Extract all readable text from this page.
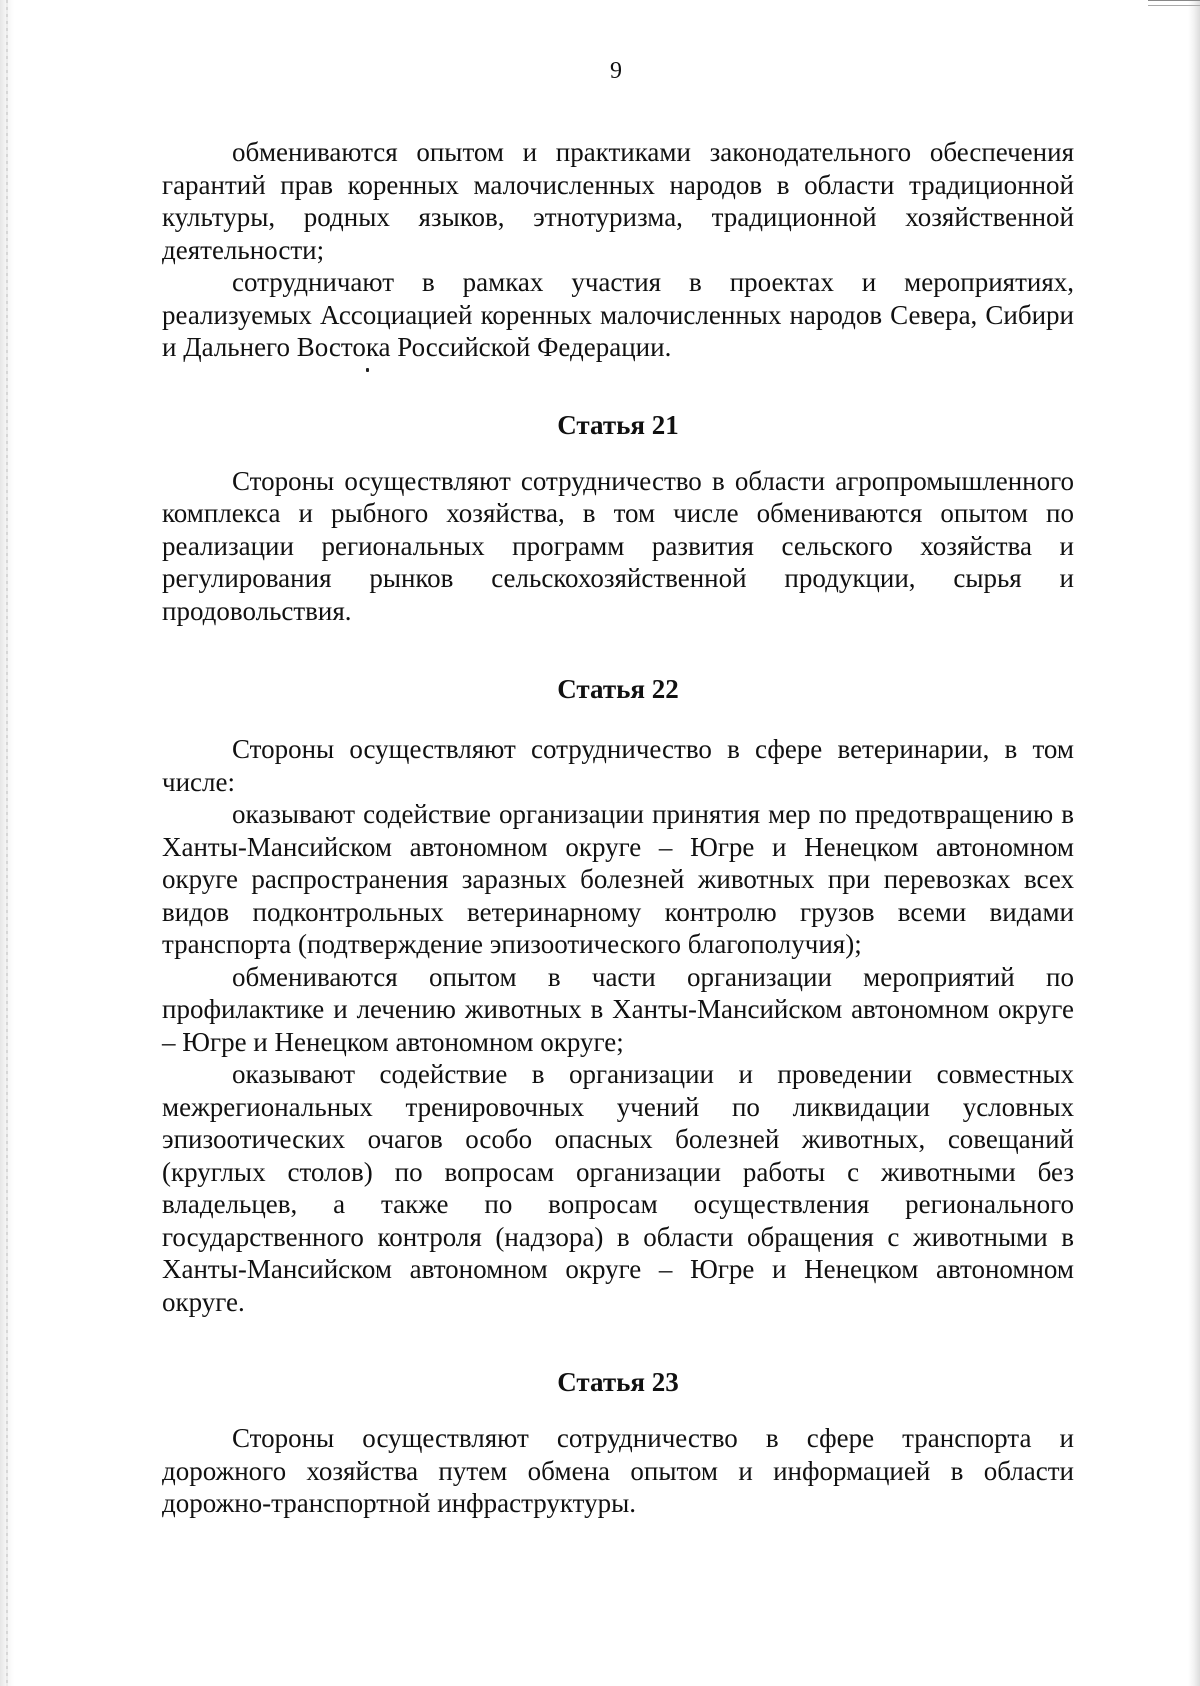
9

обмениваются опытом и практиками законодательного обеспечения гарантий прав коренных малочисленных народов в области традиционной культуры, родных языков, этнотуризма, традиционной хозяйственной деятельности;

сотрудничают в рамках участия в проектах и мероприятиях, реализуемых Ассоциацией коренных малочисленных народов Севера, Сибири и Дальнего Востока Российской Федерации.

Статья 21

Стороны осуществляют сотрудничество в области агропромышленного комплекса и рыбного хозяйства, в том числе обмениваются опытом по реализации региональных программ развития сельского хозяйства и регулирования рынков сельскохозяйственной продукции, сырья и продовольствия.

Статья 22

Стороны осуществляют сотрудничество в сфере ветеринарии, в том числе:

оказывают содействие организации принятия мер по предотвращению в Ханты-Мансийском автономном округе – Югре и Ненецком автономном округе распространения заразных болезней животных при перевозках всех видов подконтрольных ветеринарному контролю грузов всеми видами транспорта (подтверждение эпизоотического благополучия);

обмениваются опытом в части организации мероприятий по профилактике и лечению животных в Ханты-Мансийском автономном округе – Югре и Ненецком автономном округе;

оказывают содействие в организации и проведении совместных межрегиональных тренировочных учений по ликвидации условных эпизоотических очагов особо опасных болезней животных, совещаний (круглых столов) по вопросам организации работы с животными без владельцев, а также по вопросам осуществления регионального государственного контроля (надзора) в области обращения с животными в Ханты-Мансийском автономном округе – Югре и Ненецком автономном округе.

Статья 23

Стороны осуществляют сотрудничество в сфере транспорта и дорожного хозяйства путем обмена опытом и информацией в области дорожно-транспортной инфраструктуры.
